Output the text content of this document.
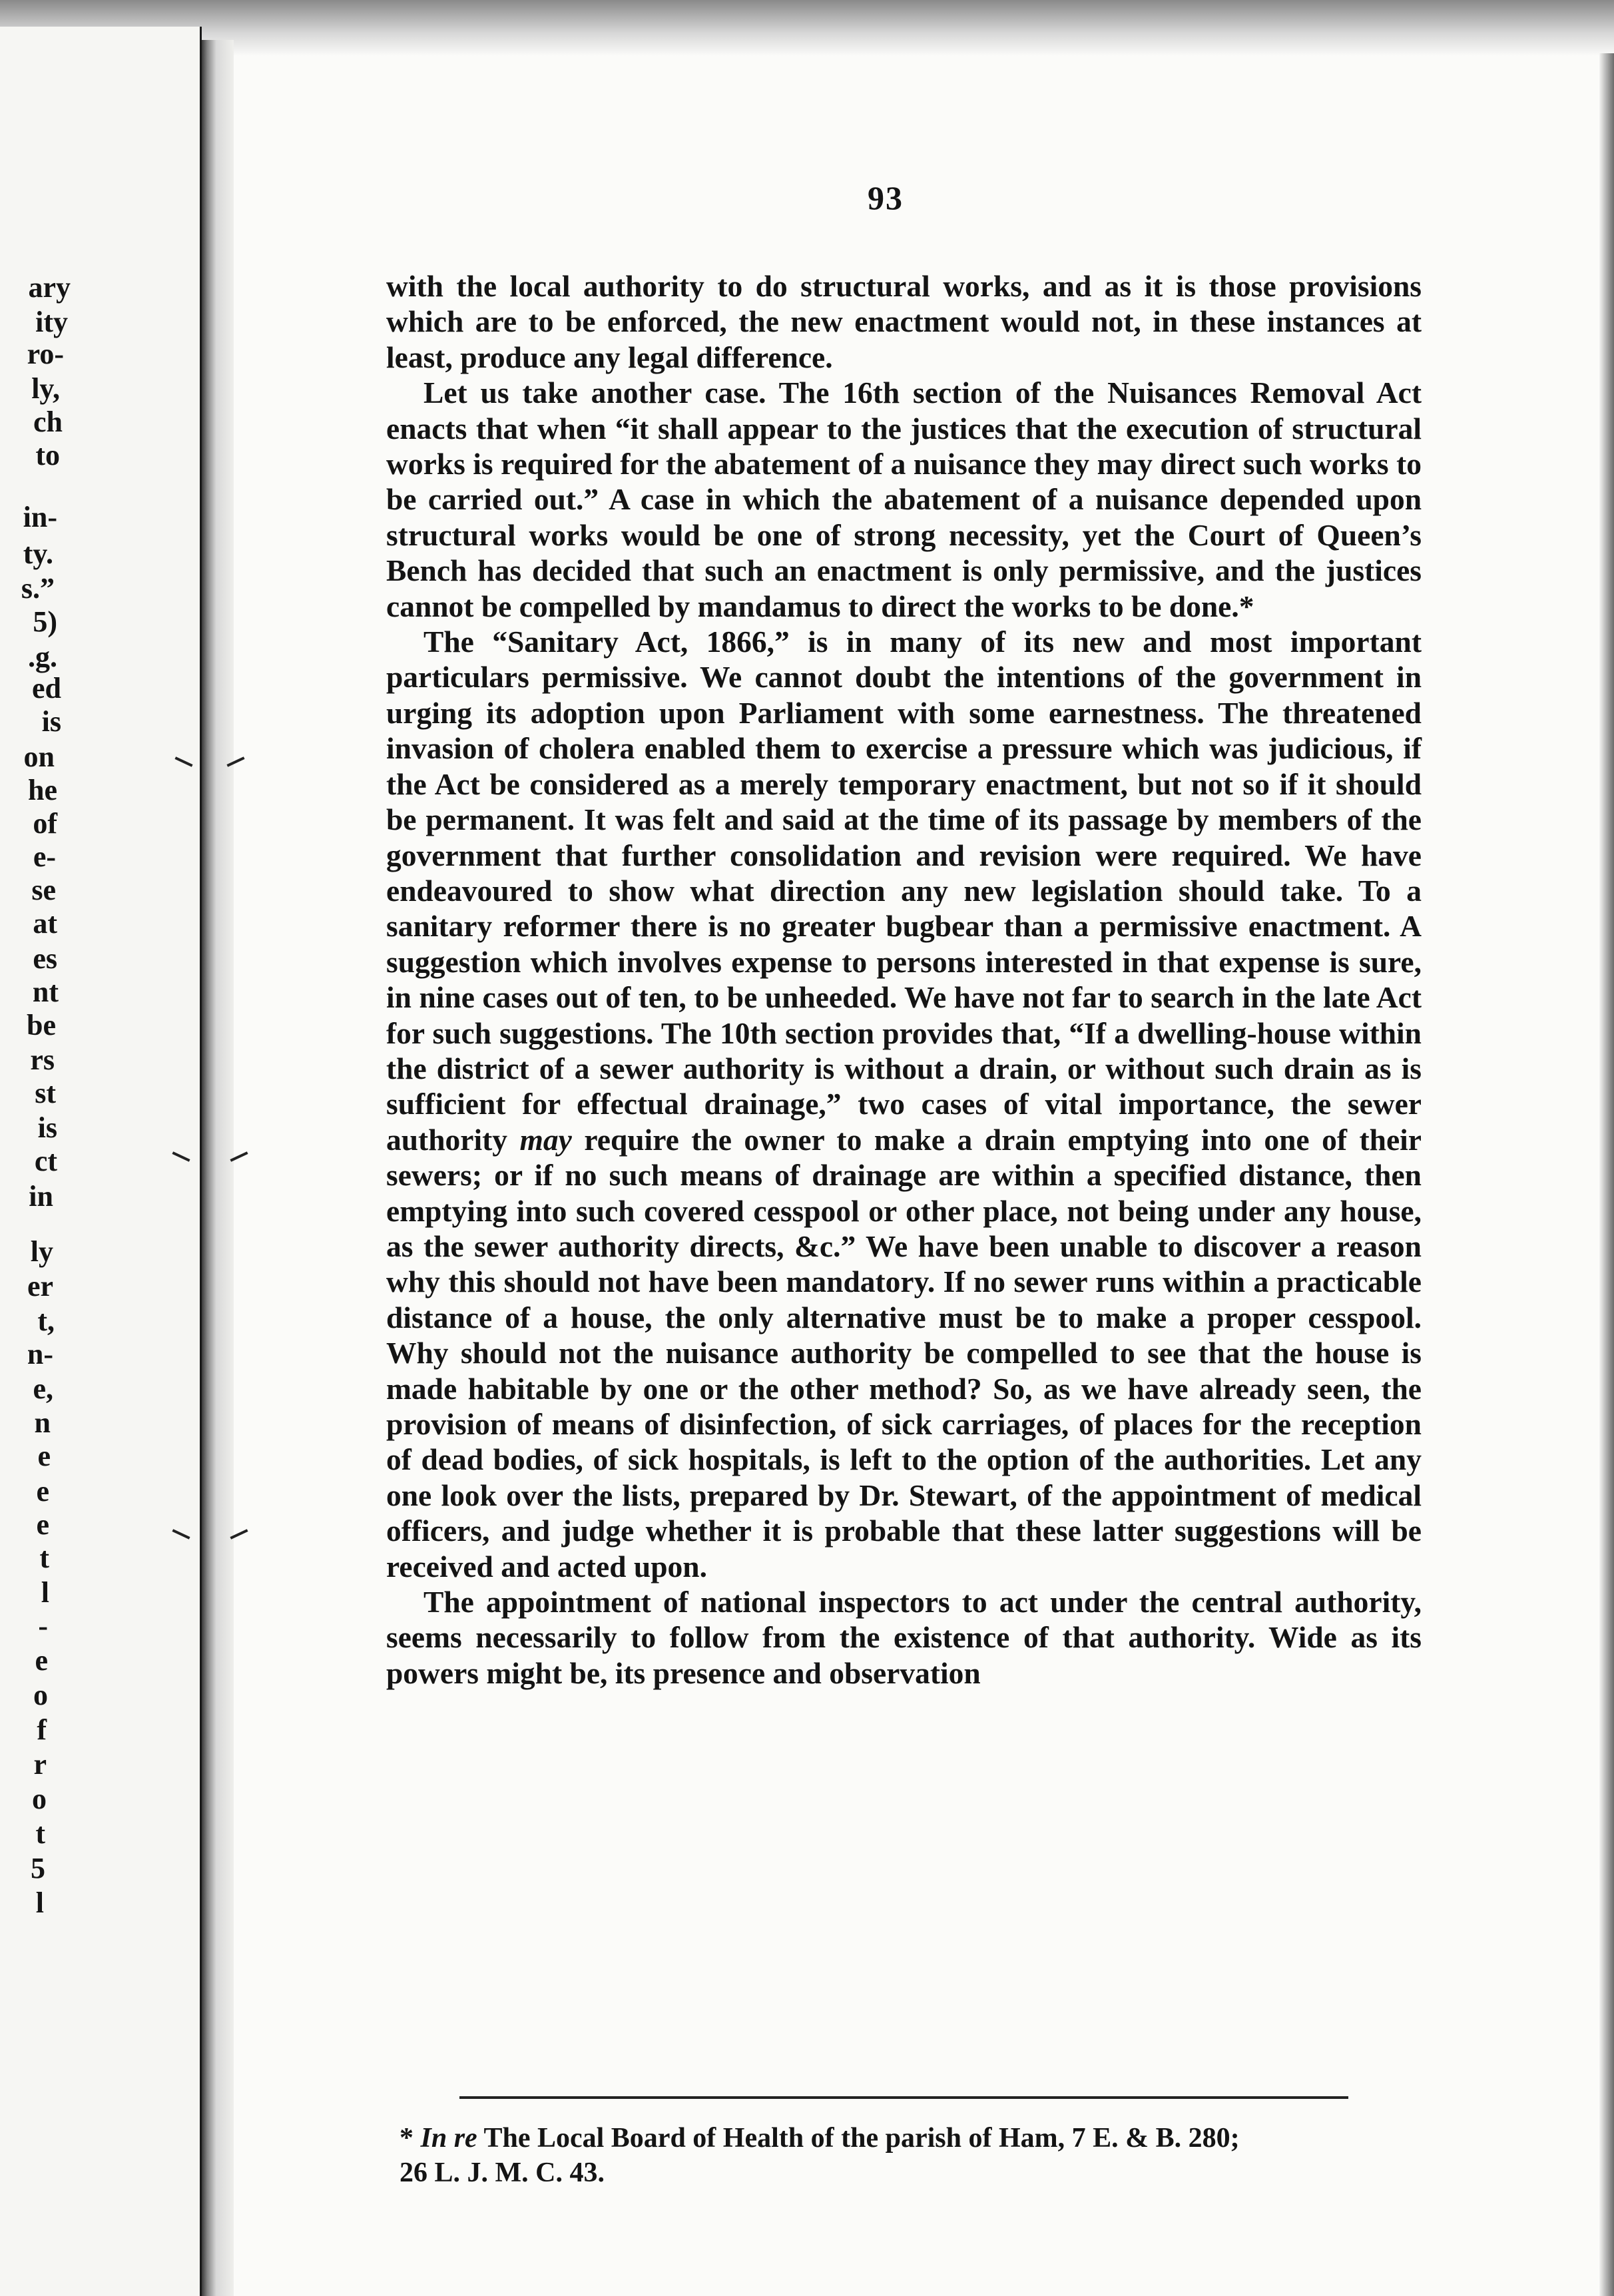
ary
ity
ro-
ly,
ch
to
in-
ty.
s.”
5)
.g.
ed
is
on
he
of
e-
se
at
es
nt
be
rs
st
is
ct
in
ly
er
t,
n-
e,
n
e
e
e
t
l
-
e
o
f
r
o
t
5
l
93

with the local authority to do structural works, and as it is those provisions which are to be enforced, the new enactment would not, in these instances at least, produce any legal difference.

Let us take another case. The 16th section of the Nuisances Removal Act enacts that when “it shall appear to the justices that the execution of structural works is required for the abatement of a nuisance they may direct such works to be carried out.” A case in which the abatement of a nuisance depended upon structural works would be one of strong necessity, yet the Court of Queen’s Bench has decided that such an enactment is only permissive, and the justices cannot be compelled by mandamus to direct the works to be done.*

The “Sanitary Act, 1866,” is in many of its new and most important particulars permissive. We cannot doubt the intentions of the government in urging its adoption upon Parliament with some earnestness. The threatened invasion of cholera enabled them to exercise a pressure which was judicious, if the Act be considered as a merely temporary enactment, but not so if it should be permanent. It was felt and said at the time of its passage by members of the government that further consolidation and revision were required. We have endeavoured to show what direction any new legislation should take. To a sanitary reformer there is no greater bugbear than a permissive enactment. A suggestion which involves expense to persons interested in that expense is sure, in nine cases out of ten, to be unheeded. We have not far to search in the late Act for such suggestions. The 10th section provides that, “If a dwelling-house within the district of a sewer authority is without a drain, or without such drain as is sufficient for effectual drainage,” two cases of vital importance, the sewer authority may require the owner to make a drain emptying into one of their sewers; or if no such means of drainage are within a specified distance, then emptying into such covered cesspool or other place, not being under any house, as the sewer authority directs, &c.” We have been unable to discover a reason why this should not have been mandatory. If no sewer runs within a practicable distance of a house, the only alternative must be to make a proper cesspool. Why should not the nuisance authority be compelled to see that the house is made habitable by one or the other method? So, as we have already seen, the provision of means of disinfection, of sick carriages, of places for the reception of dead bodies, of sick hospitals, is left to the option of the authorities. Let any one look over the lists, prepared by Dr. Stewart, of the appointment of medical officers, and judge whether it is probable that these latter suggestions will be received and acted upon.

The appointment of national inspectors to act under the central authority, seems necessarily to follow from the existence of that authority. Wide as its powers might be, its presence and observation

* In re The Local Board of Health of the parish of Ham, 7 E. & B. 280;
26 L. J. M. C. 43.
